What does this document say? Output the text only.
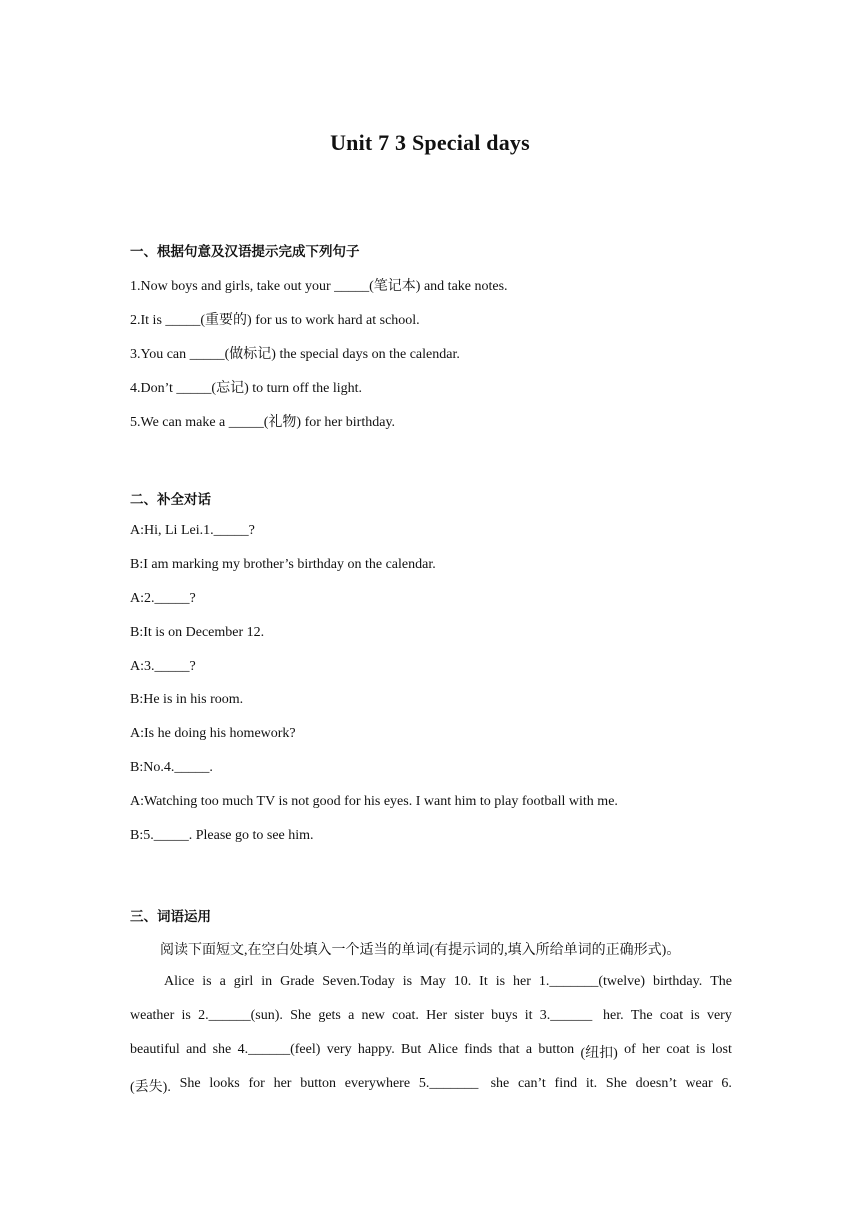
Unit 7 3 Special days
一、根据句意及汉语提示完成下列句子
1.Now boys and girls, take out your _____(笔记本) and take notes.
2.It is _____(重要的) for us to work hard at school.
3.You can _____(做标记) the special days on the calendar.
4.Don’t _____(忘记) to turn off the light.
5.We can make a _____(礼物) for her birthday.
二、补全对话
A:Hi, Li Lei.1._____?
B:I am marking my brother’s birthday on the calendar.
A:2._____?
B:It is on December 12.
A:3._____?
B:He is in his room.
A:Is he doing his homework?
B:No.4._____.
A:Watching too much TV is not good for his eyes. I want him to play football with me.
B:5._____. Please go to see him.
三、词语运用
阅读下面短文,在空白处填入一个适当的单词(有提示词的,填入所给单词的正确形式)。
Alice is a girl in Grade Seven.Today is May 10. It is her 1._______(twelve) birthday. The
weather is 2.______(sun). She gets a new coat. Her sister buys it 3.______ her. The coat is very
beautiful and she 4.______(feel) very happy. But Alice finds that a button (纽扣) of her coat is lost
(丢失). She looks for her button everywhere 5._______ she can’t find it. She doesn’t wear 6.
